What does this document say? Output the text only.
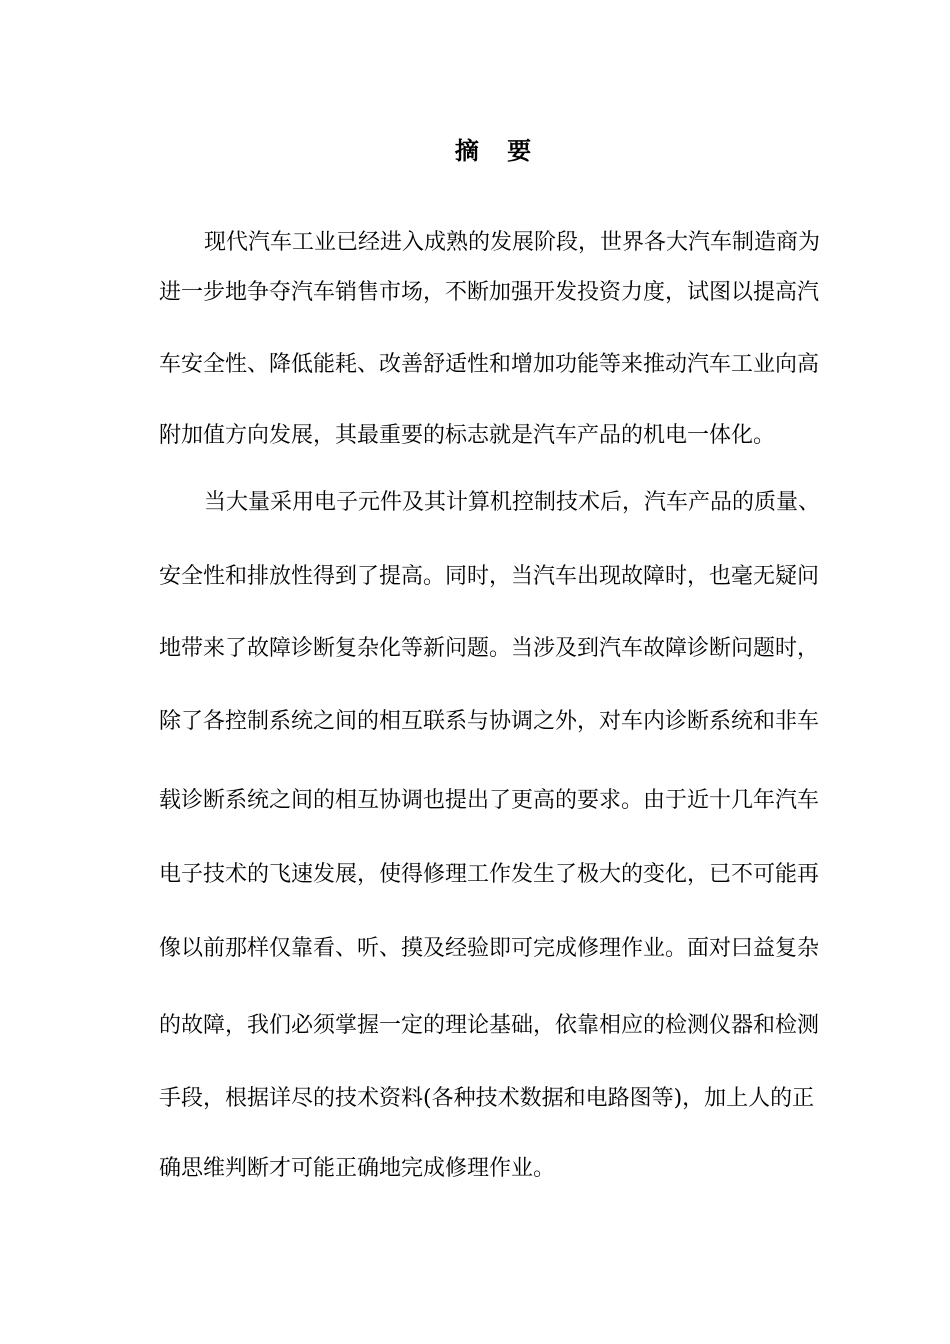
摘 要
现代汽车工业已经进入成熟的发展阶段，世界各大汽车制造商为
进一步地争夺汽车销售市场，不断加强开发投资力度，试图以提高汽
车安全性、降低能耗、改善舒适性和增加功能等来推动汽车工业向高
附加值方向发展，其最重要的标志就是汽车产品的机电一体化。
当大量采用电子元件及其计算机控制技术后，汽车产品的质量、
安全性和排放性得到了提高。同时，当汽车出现故障时，也毫无疑问
地带来了故障诊断复杂化等新问题。当涉及到汽车故障诊断问题时，
除了各控制系统之间的相互联系与协调之外，对车内诊断系统和非车
载诊断系统之间的相互协调也提出了更高的要求。由于近十几年汽车
电子技术的飞速发展，使得修理工作发生了极大的变化，已不可能再
像以前那样仅靠看、听、摸及经验即可完成修理作业。面对曰益复杂
的故障，我们必须掌握一定的理论基础，依靠相应的检测仪器和检测
手段，根据详尽的技术资料(各种技术数据和电路图等)，加上人的正
确思维判断才可能正确地完成修理作业。
